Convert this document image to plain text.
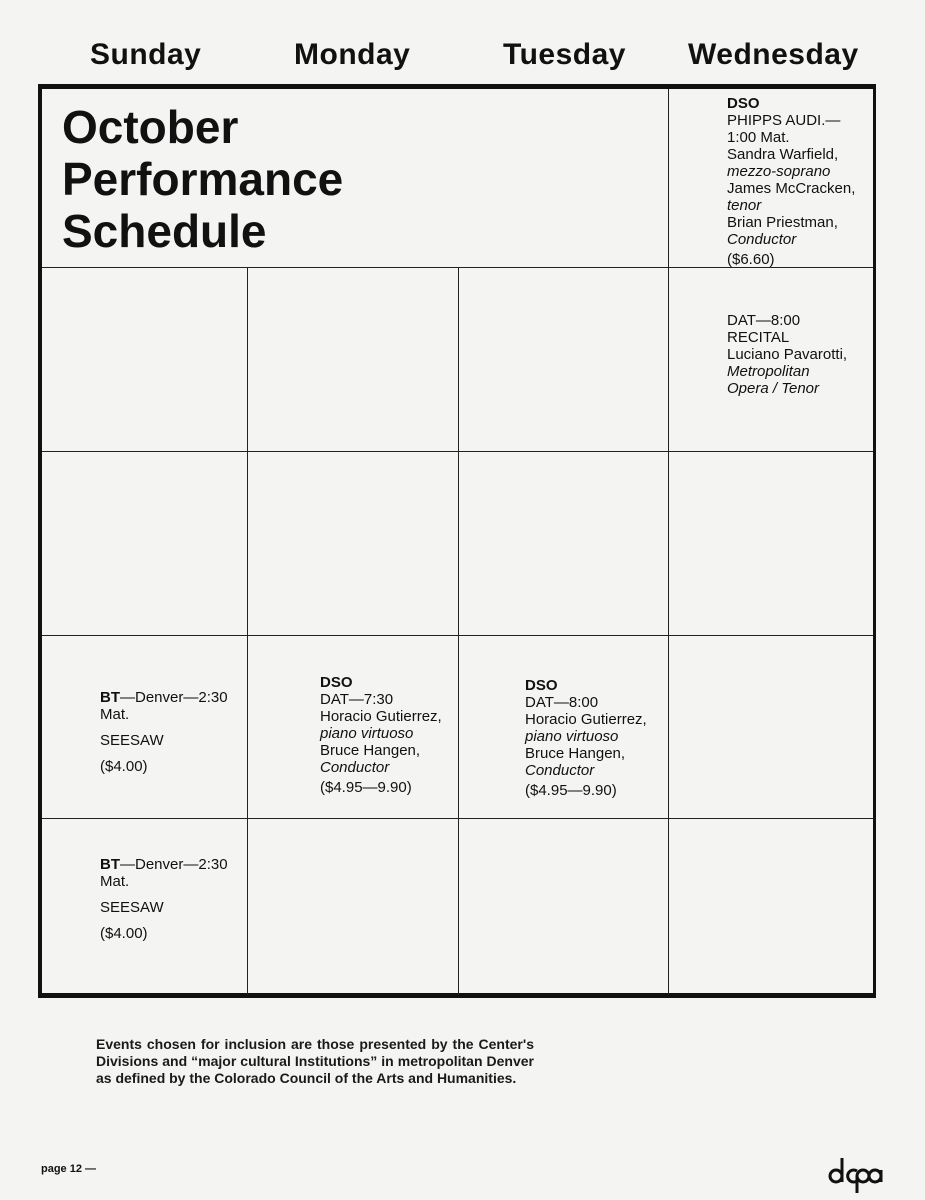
Sunday	Monday	Tuesday Wednesday
October
Performance
Schedule
DSO
PHIPPS AUDI.—
1:00 Mat.
Sandra Warfield,
mezzo-soprano
James McCracken,
tenor
Brian Priestman,
Conductor
($6.60)
DAT—8:00
RECITAL
Luciano Pavarotti,
Metropolitan
Opera / Tenor
BT—Denver—2:30
Mat.
SEESAW
($4.00)
DSO
DAT—7:30
Horacio Gutierrez,
piano virtuoso
Bruce Hangen,
Conductor
($4.95—9.90)
DSO
DAT—8:00
Horacio Gutierrez,
piano virtuoso
Bruce Hangen,
Conductor
($4.95—9.90)
BT—Denver—2:30
Mat.
SEESAW
($4.00)
Events chosen for inclusion are those presented by the Center's Divisions and “major cultural Institutions” in metropolitan Denver as defined by the Colorado Council of the Arts and Humanities.
page 12 —
